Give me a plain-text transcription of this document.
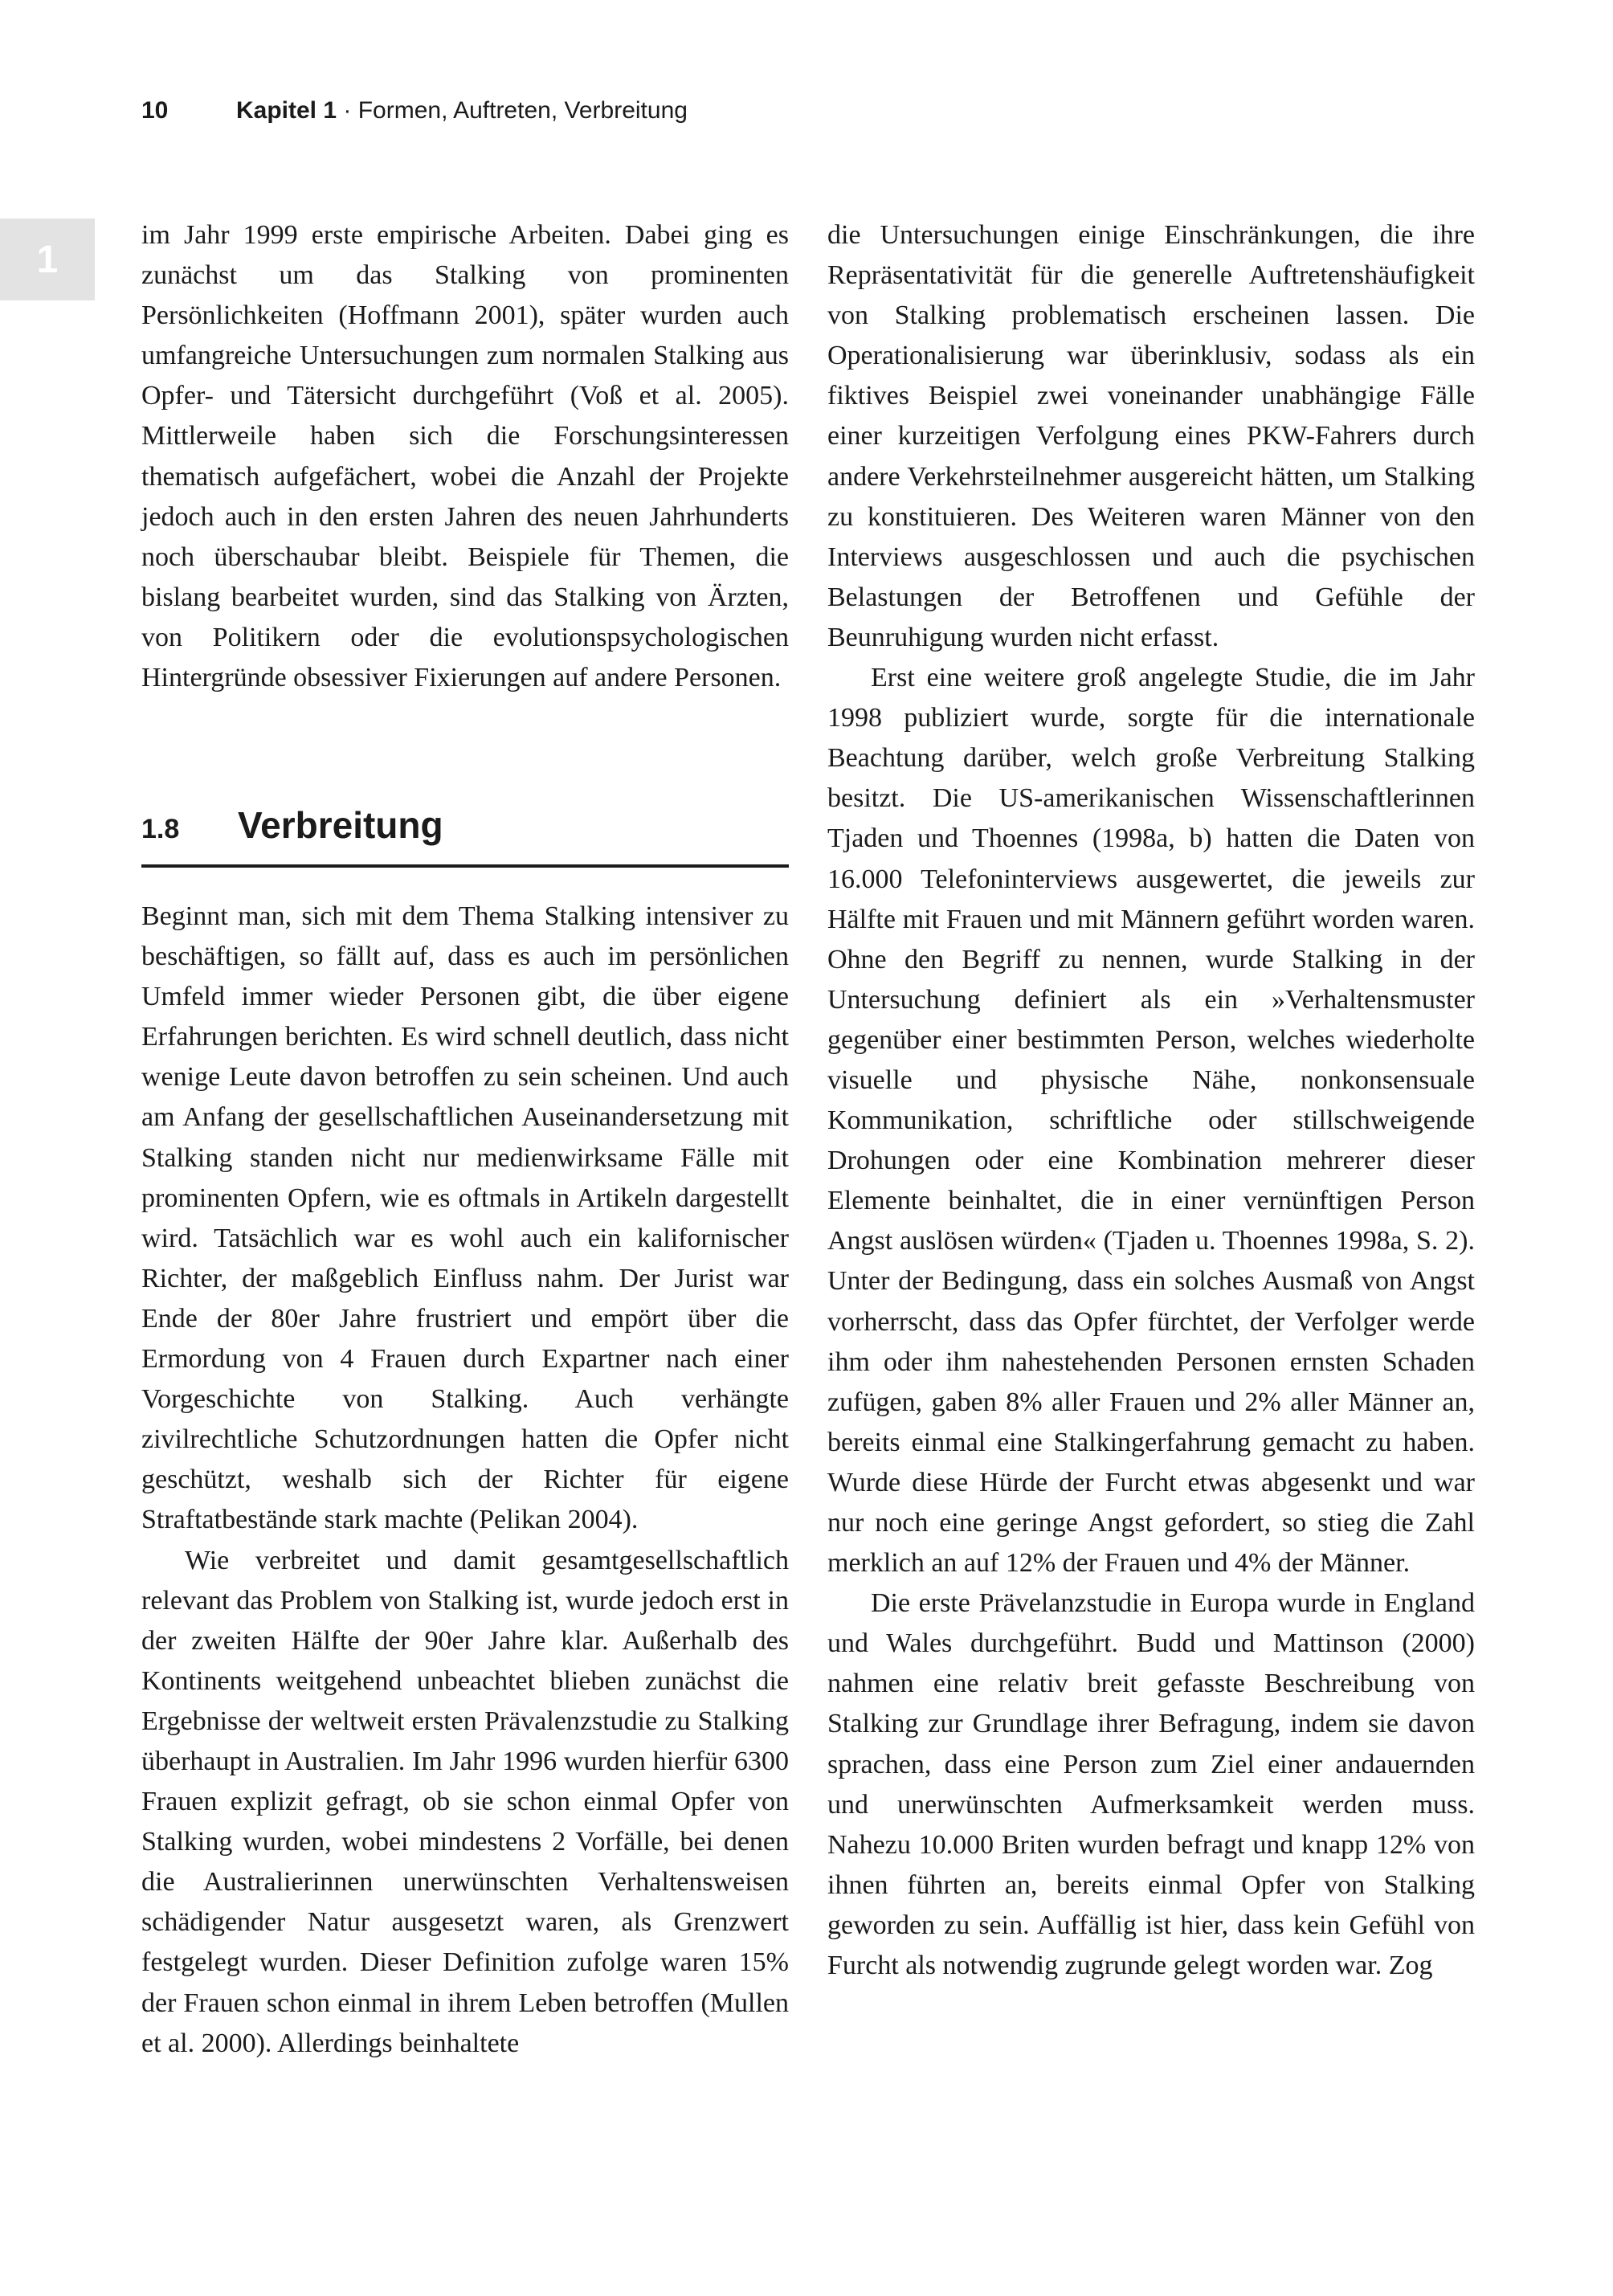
10	Kapitel 1 · Formen, Auftreten, Verbreitung
1

im Jahr 1999 erste empirische Arbeiten. Dabei ging es zunächst um das Stalking von prominenten Persönlichkeiten (Hoffmann 2001), später wurden auch umfangreiche Untersuchungen zum normalen Stalking aus Opfer- und Tätersicht durchgeführt (Voß et al. 2005). Mittlerweile haben sich die Forschungsinteressen thematisch aufgefächert, wobei die Anzahl der Projekte jedoch auch in den ersten Jahren des neuen Jahrhunderts noch überschaubar bleibt. Beispiele für Themen, die bislang bearbeitet wurden, sind das Stalking von Ärzten, von Politikern oder die evolutionspsychologischen Hintergründe obsessiver Fixierungen auf andere Personen.

1.8 Verbreitung

Beginnt man, sich mit dem Thema Stalking intensiver zu beschäftigen, so fällt auf, dass es auch im persönlichen Umfeld immer wieder Personen gibt, die über eigene Erfahrungen berichten. Es wird schnell deutlich, dass nicht wenige Leute davon betroffen zu sein scheinen. Und auch am Anfang der gesellschaftlichen Auseinandersetzung mit Stalking standen nicht nur medienwirksame Fälle mit prominenten Opfern, wie es oftmals in Artikeln dargestellt wird. Tatsächlich war es wohl auch ein kalifornischer Richter, der maßgeblich Einfluss nahm. Der Jurist war Ende der 80er Jahre frustriert und empört über die Ermordung von 4 Frauen durch Expartner nach einer Vorgeschichte von Stalking. Auch verhängte zivilrechtliche Schutzordnungen hatten die Opfer nicht geschützt, weshalb sich der Richter für eigene Straftatbestände stark machte (Pelikan 2004).

Wie verbreitet und damit gesamtgesellschaftlich relevant das Problem von Stalking ist, wurde jedoch erst in der zweiten Hälfte der 90er Jahre klar. Außerhalb des Kontinents weitgehend unbeachtet blieben zunächst die Ergebnisse der weltweit ersten Prävalenzstudie zu Stalking überhaupt in Australien. Im Jahr 1996 wurden hierfür 6300 Frauen explizit gefragt, ob sie schon einmal Opfer von Stalking wurden, wobei mindestens 2 Vorfälle, bei denen die Australierinnen unerwünschten Verhaltensweisen schädigender Natur ausgesetzt waren, als Grenzwert festgelegt wurden. Dieser Definition zufolge waren 15% der Frauen schon einmal in ihrem Leben betroffen (Mullen et al. 2000). Allerdings beinhaltete

die Untersuchungen einige Einschränkungen, die ihre Repräsentativität für die generelle Auftretenshäufigkeit von Stalking problematisch erscheinen lassen. Die Operationalisierung war überinklusiv, sodass als ein fiktives Beispiel zwei voneinander unabhängige Fälle einer kurzeitigen Verfolgung eines PKW-Fahrers durch andere Verkehrsteilnehmer ausgereicht hätten, um Stalking zu konstituieren. Des Weiteren waren Männer von den Interviews ausgeschlossen und auch die psychischen Belastungen der Betroffenen und Gefühle der Beunruhigung wurden nicht erfasst.

Erst eine weitere groß angelegte Studie, die im Jahr 1998 publiziert wurde, sorgte für die internationale Beachtung darüber, welch große Verbreitung Stalking besitzt. Die US-amerikanischen Wissenschaftlerinnen Tjaden und Thoennes (1998a, b) hatten die Daten von 16.000 Telefoninterviews ausgewertet, die jeweils zur Hälfte mit Frauen und mit Männern geführt worden waren. Ohne den Begriff zu nennen, wurde Stalking in der Untersuchung definiert als ein »Verhaltensmuster gegenüber einer bestimmten Person, welches wiederholte visuelle und physische Nähe, nonkonsensuale Kommunikation, schriftliche oder stillschweigende Drohungen oder eine Kombination mehrerer dieser Elemente beinhaltet, die in einer vernünftigen Person Angst auslösen würden« (Tjaden u. Thoennes 1998a, S. 2). Unter der Bedingung, dass ein solches Ausmaß von Angst vorherrscht, dass das Opfer fürchtet, der Verfolger werde ihm oder ihm nahestehenden Personen ernsten Schaden zufügen, gaben 8% aller Frauen und 2% aller Männer an, bereits einmal eine Stalkingerfahrung gemacht zu haben. Wurde diese Hürde der Furcht etwas abgesenkt und war nur noch eine geringe Angst gefordert, so stieg die Zahl merklich an auf 12% der Frauen und 4% der Männer.

Die erste Prävelanzstudie in Europa wurde in England und Wales durchgeführt. Budd und Mattinson (2000) nahmen eine relativ breit gefasste Beschreibung von Stalking zur Grundlage ihrer Befragung, indem sie davon sprachen, dass eine Person zum Ziel einer andauernden und unerwünschten Aufmerksamkeit werden muss. Nahezu 10.000 Briten wurden befragt und knapp 12% von ihnen führten an, bereits einmal Opfer von Stalking geworden zu sein. Auffällig ist hier, dass kein Gefühl von Furcht als notwendig zugrunde gelegt worden war. Zog
